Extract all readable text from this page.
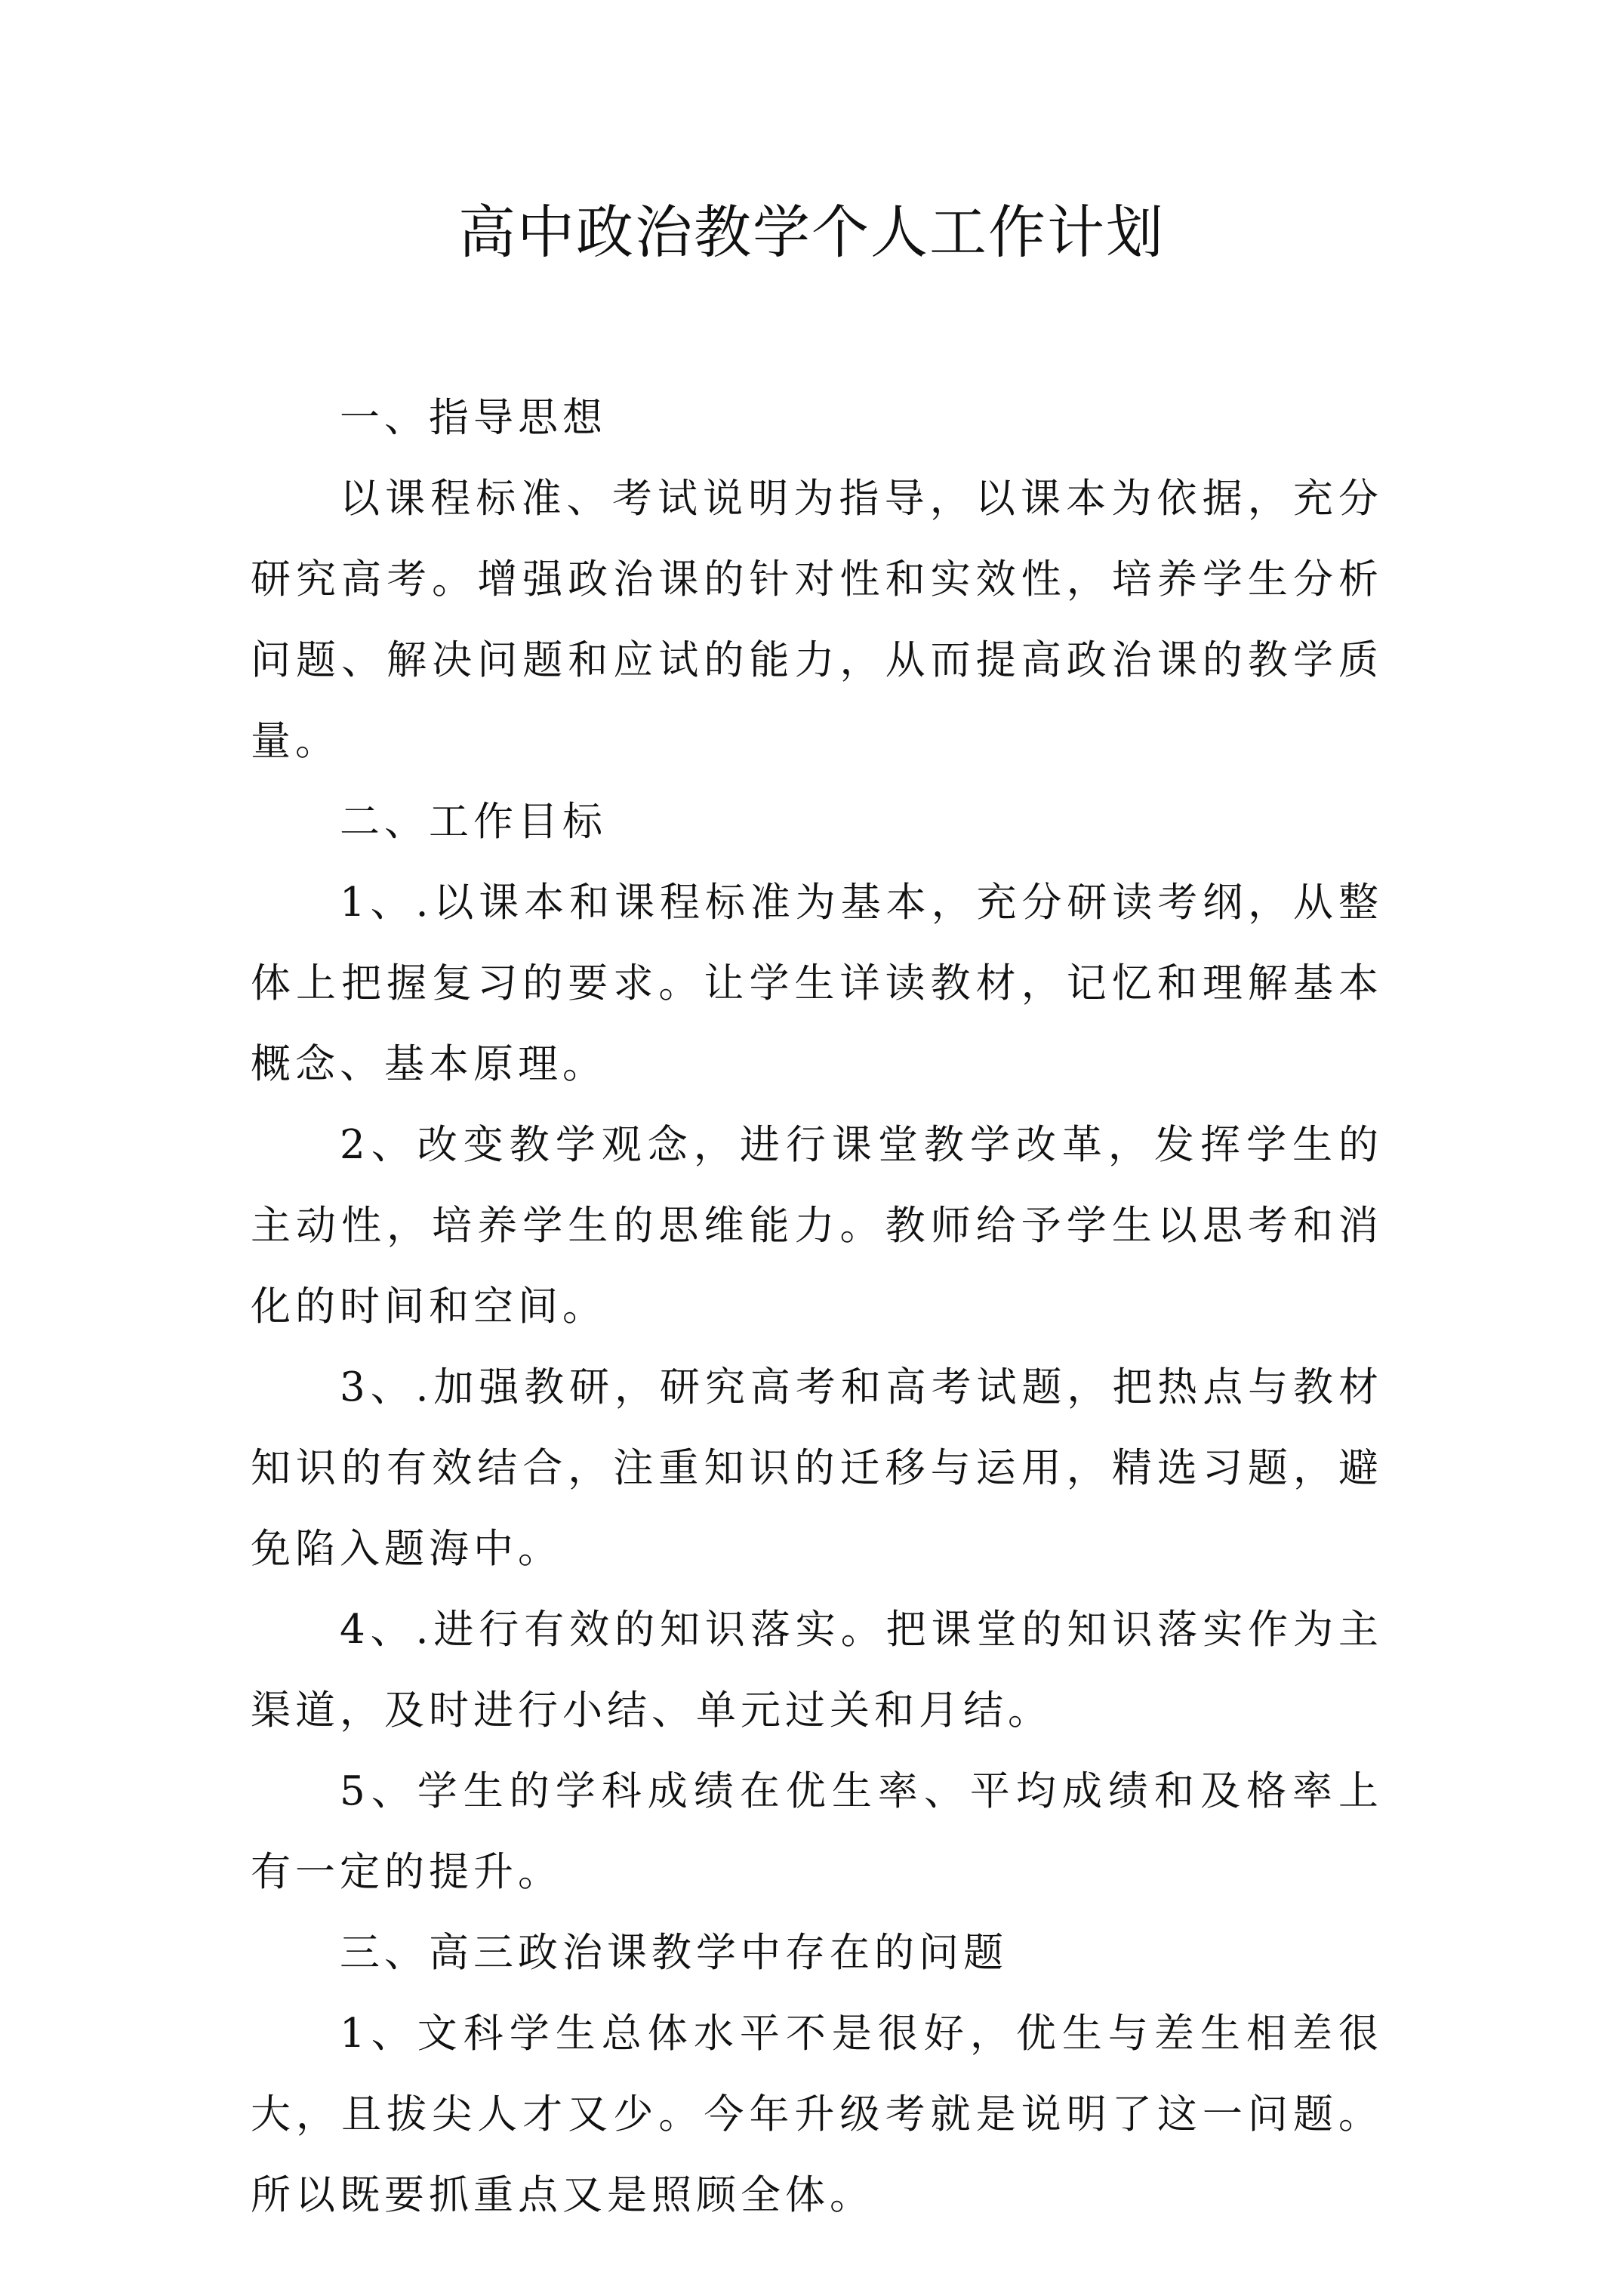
高中政治教学个人工作计划

一、指导思想

以课程标准、考试说明为指导，以课本为依据，充分研究高考。增强政治课的针对性和实效性，培养学生分析问题、解决问题和应试的能力，从而提高政治课的教学质量。

二、工作目标

1、.以课本和课程标准为基本，充分研读考纲，从整体上把握复习的要求。让学生详读教材，记忆和理解基本概念、基本原理。

2、改变教学观念，进行课堂教学改革，发挥学生的主动性，培养学生的思维能力。教师给予学生以思考和消化的时间和空间。

3、.加强教研，研究高考和高考试题，把热点与教材知识的有效结合，注重知识的迁移与运用，精选习题，避免陷入题海中。

4、.进行有效的知识落实。把课堂的知识落实作为主渠道，及时进行小结、单元过关和月结。

5、学生的学科成绩在优生率、平均成绩和及格率上有一定的提升。

三、高三政治课教学中存在的问题

1、文科学生总体水平不是很好，优生与差生相差很大，且拔尖人才又少。今年升级考就是说明了这一问题。所以既要抓重点又是照顾全体。
